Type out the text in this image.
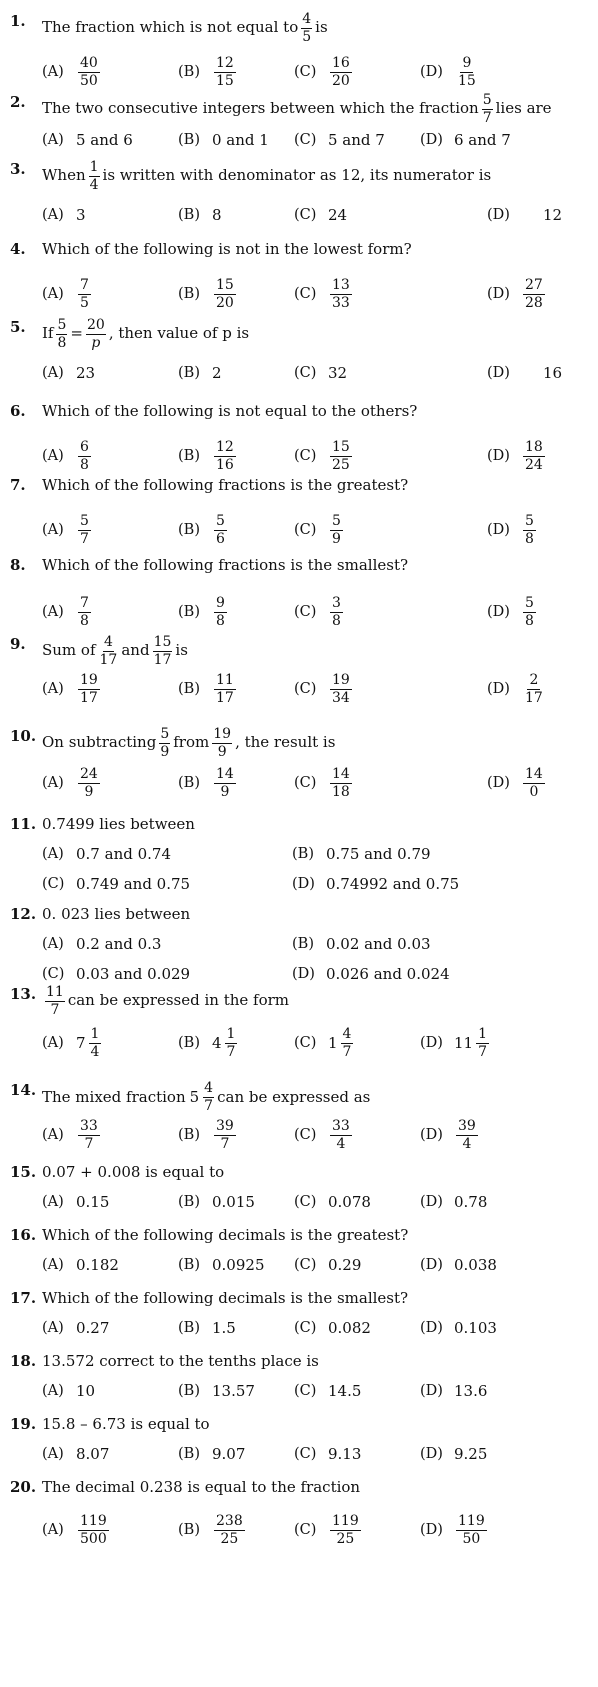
1.	The fraction which is not equal to $\frac{4}{5}$ is
(A)	$\frac{40}{50}$	(B)	$\frac{12}{15}$	$(C) \frac{16}{20}$	$(D) \frac{9}{15}$
2.	The two consecutive integers between which the fraction $\frac{5}{7}$ lies are
(A) 5 and 6	(B) 0 and 1 (C) 5 and 7 (D) 6 and 7
3.	When $\frac{1}{4}$ is written with denominator as 12, its numerator is
(A) 3	(B) 8	(C) 24	(D)	12
4.	Which of the following is not in the lowest form?
(A)	$\frac{7}{5}$	(B)	$\frac{15}{20}$	$(C) \frac{13}{33}$	$(D) \frac{27}{28}$
5.	If $\frac{5}{8} = \frac{20}{p}$ , then value of p is
(A) 23	(B) 2	(C) 32	(D)	16
6.	Which of the following is not equal to the others?
(A)	$\frac{6}{8}$	(B)	$\frac{12}{16}$	$(C) \frac{15}{25}$	$(D) \frac{18}{24}$
7.	Which of the following fractions is the greatest?
(A)	$\frac{5}{7}$	(B)	$\frac{5}{6}$	$(C) \frac{5}{9}$	$(D) \frac{5}{8}$
8.	Which of the following fractions is the smallest?
(A)	$\frac{7}{8}$	(B)	$\frac{9}{8}$	$(C) \frac{3}{8}$	$(D) \frac{5}{8}$
9.	Sum of $\frac{4}{17}$ and $\frac{15}{17}$ is
(A)	$\frac{19}{17}$	(B)	$\frac{11}{17}$	$(C) \frac{19}{34}$	$(D) \frac{2}{17}$
10. On subtracting $\frac{5}{9}$ from $\frac{19}{9}$ , the result is
(A)	$\frac{24}{9}$	(B)	$\frac{14}{9}$	$(C) \frac{14}{18}$	$(D) \frac{14}{0}$
11. 0.7499 lies between
(A) 0.7 and 0.74	(B) 0.75 and 0.79
(C) 0.749 and 0.75	(D) 0.74992 and 0.75
12. 0. 023 lies between
(A) 0.2 and 0.3	(B) 0.02 and 0.03
(C) 0.03 and 0.029	(D) 0.026 and 0.024
13. $\frac{11}{7}$ can be expressed in the form
(A) $7 \frac{1}{4}$	(B) $4 \frac{1}{7}$	(C) $1 \frac{4}{7}$	(D) $11 \frac{1}{7}$
14. The mixed fraction $5 \frac{4}{7}$ can be expressed as
(A)	$\frac{33}{7}$	(B)	$\frac{39}{7}$	$(C) \frac{33}{4}$	$(D) \frac{39}{4}$
15. 0.07 + 0.008 is equal to
(A) 0.15	(B) 0.015	(C) 0.078	(D) 0.78
16. Which of the following decimals is the greatest?
(A) 0.182	(B) 0.0925 (C) 0.29	(D) 0.038
17. Which of the following decimals is the smallest?
(A) 0.27	(B) 1.5	(C) 0.082	(D) 0.103
18. 13.572 correct to the tenths place is
(A) 10	(B) 13.57	(C) 14.5	(D) 13.6
19. 15.8 – 6.73 is equal to
(A) 8.07	(B) 9.07	(C) 9.13	(D) 9.25
20. The decimal 0.238 is equal to the fraction
(A)	$\frac{119}{500}$	(B)	$\frac{238}{25}$	$(C) \frac{119}{25}$	$(D) \frac{119}{50}$
